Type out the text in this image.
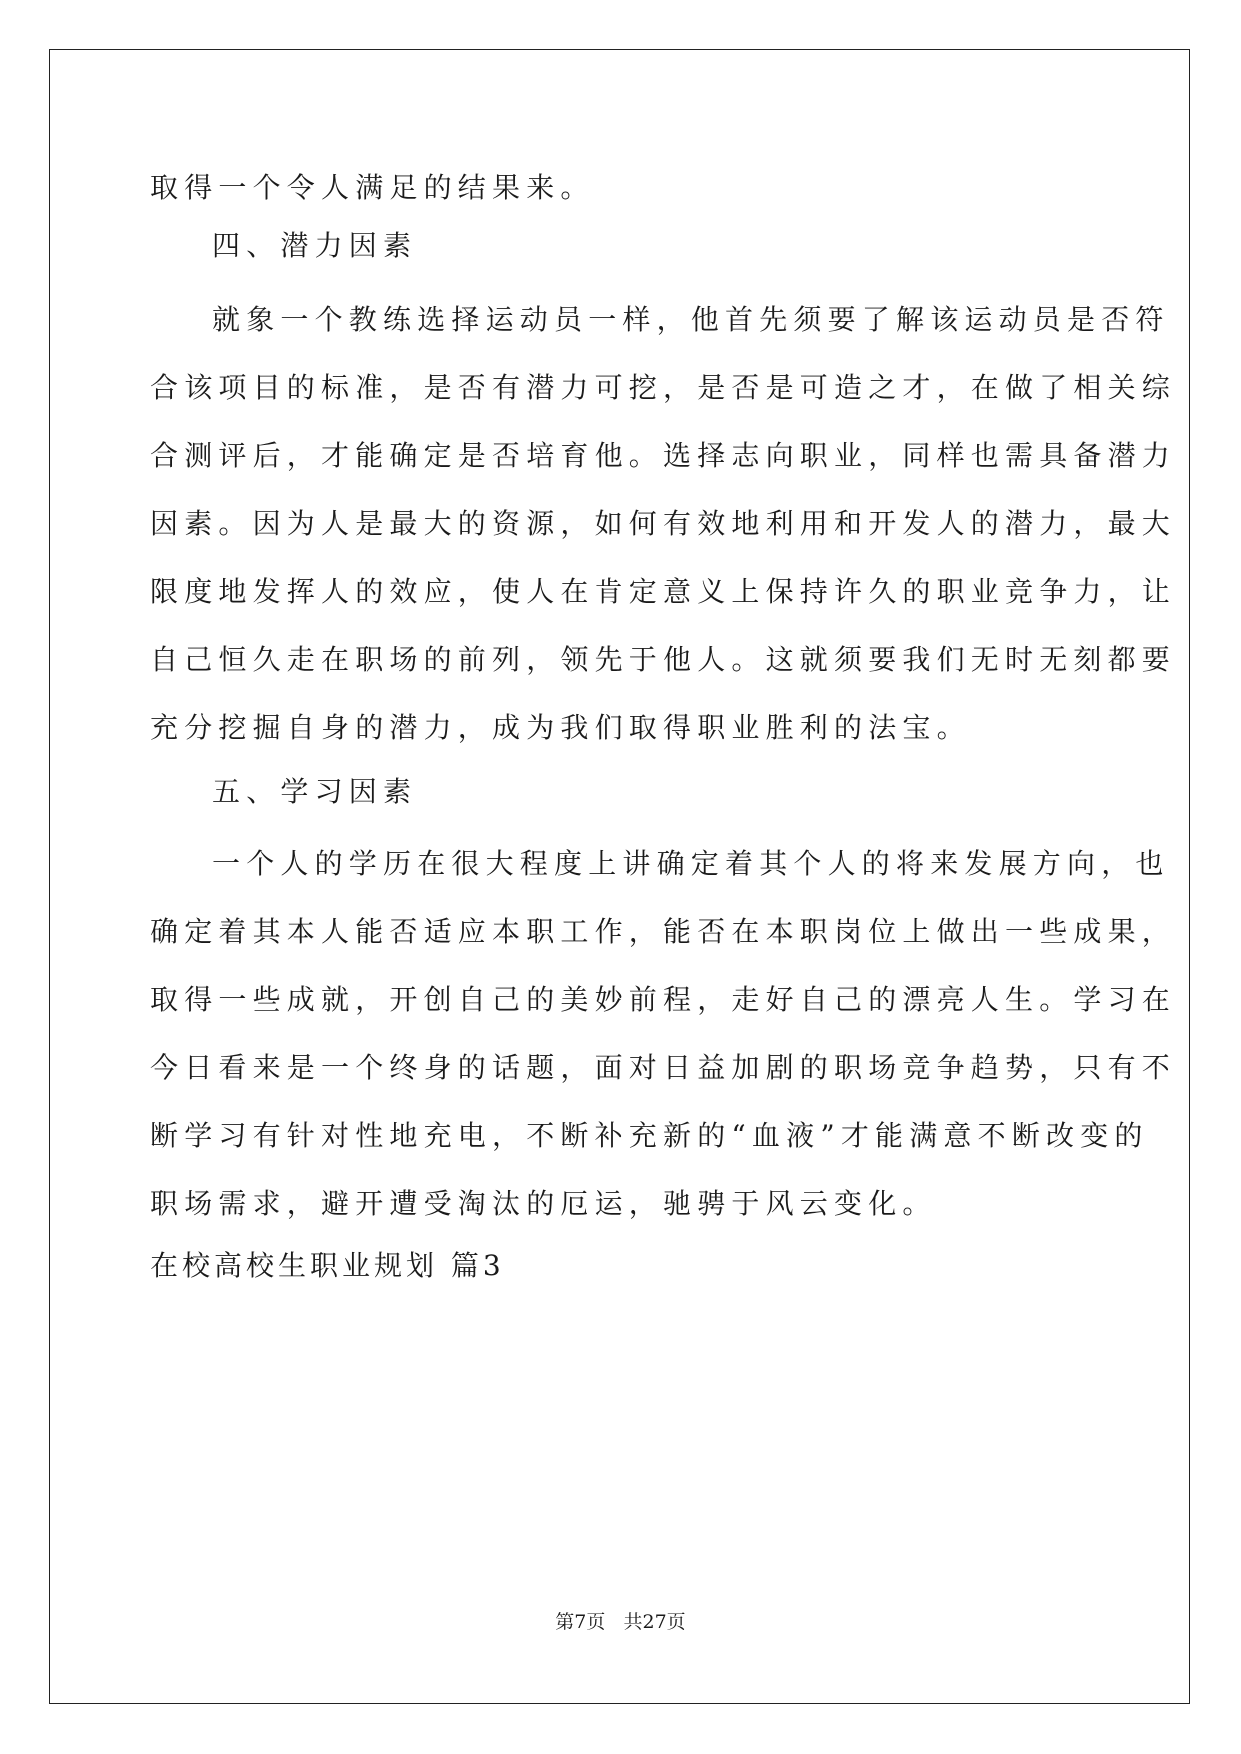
取得一个令人满足的结果来。
四、潜力因素
就象一个教练选择运动员一样，他首先须要了解该运动员是否符
合该项目的标准，是否有潜力可挖，是否是可造之才，在做了相关综
合测评后，才能确定是否培育他。选择志向职业，同样也需具备潜力
因素。因为人是最大的资源，如何有效地利用和开发人的潜力，最大
限度地发挥人的效应，使人在肯定意义上保持许久的职业竞争力，让
自己恒久走在职场的前列，领先于他人。这就须要我们无时无刻都要
充分挖掘自身的潜力，成为我们取得职业胜利的法宝。
五、学习因素
一个人的学历在很大程度上讲确定着其个人的将来发展方向，也
确定着其本人能否适应本职工作，能否在本职岗位上做出一些成果，
取得一些成就，开创自己的美妙前程，走好自己的漂亮人生。学习在
今日看来是一个终身的话题，面对日益加剧的职场竞争趋势，只有不
断学习有针对性地充电，不断补充新的“血液”才能满意不断改变的
职场需求，避开遭受淘汰的厄运，驰骋于风云变化。
在校高校生职业规划 篇3
第7页   共27页
